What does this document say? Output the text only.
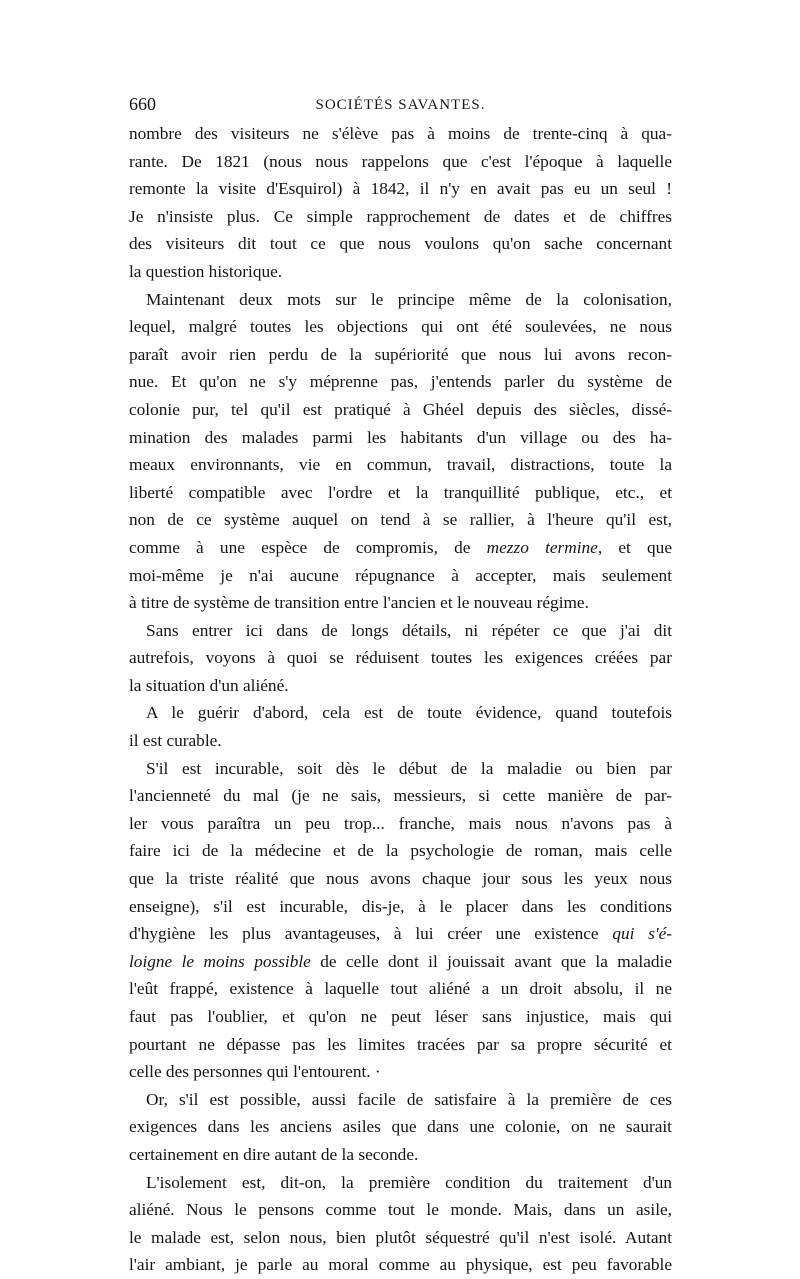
660	SOCIÉTÉS SAVANTES.
nombre des visiteurs ne s'élève pas à moins de trente-cinq à qua-
rante. De 1821 (nous nous rappelons que c'est l'époque à laquelle
remonte la visite d'Esquirol) à 1842, il n'y en avait pas eu un seul !
Je n'insiste plus. Ce simple rapprochement de dates et de chiffres
des visiteurs dit tout ce que nous voulons qu'on sache concernant
la question historique.
Maintenant deux mots sur le principe même de la colonisation,
lequel, malgré toutes les objections qui ont été soulevées, ne nous
paraît avoir rien perdu de la supériorité que nous lui avons recon-
nue. Et qu'on ne s'y méprenne pas, j'entends parler du système de
colonie pur, tel qu'il est pratiqué à Ghéel depuis des siècles, dissé-
mination des malades parmi les habitants d'un village ou des ha-
meaux environnants, vie en commun, travail, distractions, toute la
liberté compatible avec l'ordre et la tranquillité publique, etc., et
non de ce système auquel on tend à se rallier, à l'heure qu'il est,
comme à une espèce de compromis, de mezzo termine, et que
moi-même je n'ai aucune répugnance à accepter, mais seulement
à titre de système de transition entre l'ancien et le nouveau régime.
Sans entrer ici dans de longs détails, ni répéter ce que j'ai dit
autrefois, voyons à quoi se réduisent toutes les exigences créées par
la situation d'un aliéné.
A le guérir d'abord, cela est de toute évidence, quand toutefois
il est curable.
S'il est incurable, soit dès le début de la maladie ou bien par
l'ancienneté du mal (je ne sais, messieurs, si cette manière de par-
ler vous paraîtra un peu trop... franche, mais nous n'avons pas à
faire ici de la médecine et de la psychologie de roman, mais celle
que la triste réalité que nous avons chaque jour sous les yeux nous
enseigne), s'il est incurable, dis-je, à le placer dans les conditions
d'hygiène les plus avantageuses, à lui créer une existence qui s'é-
loigne le moins possible de celle dont il jouissait avant que la maladie
l'eût frappé, existence à laquelle tout aliéné a un droit absolu, il ne
faut pas l'oublier, et qu'on ne peut léser sans injustice, mais qui
pourtant ne dépasse pas les limites tracées par sa propre sécurité et
celle des personnes qui l'entourent. ·
Or, s'il est possible, aussi facile de satisfaire à la première de ces
exigences dans les anciens asiles que dans une colonie, on ne saurait
certainement en dire autant de la seconde.
L'isolement est, dit-on, la première condition du traitement d'un
aliéné. Nous le pensons comme tout le monde. Mais, dans un asile,
le malade est, selon nous, bien plutôt séquestré qu'il n'est isolé. Autant
l'air ambiant, je parle au moral comme au physique, est peu favorable
